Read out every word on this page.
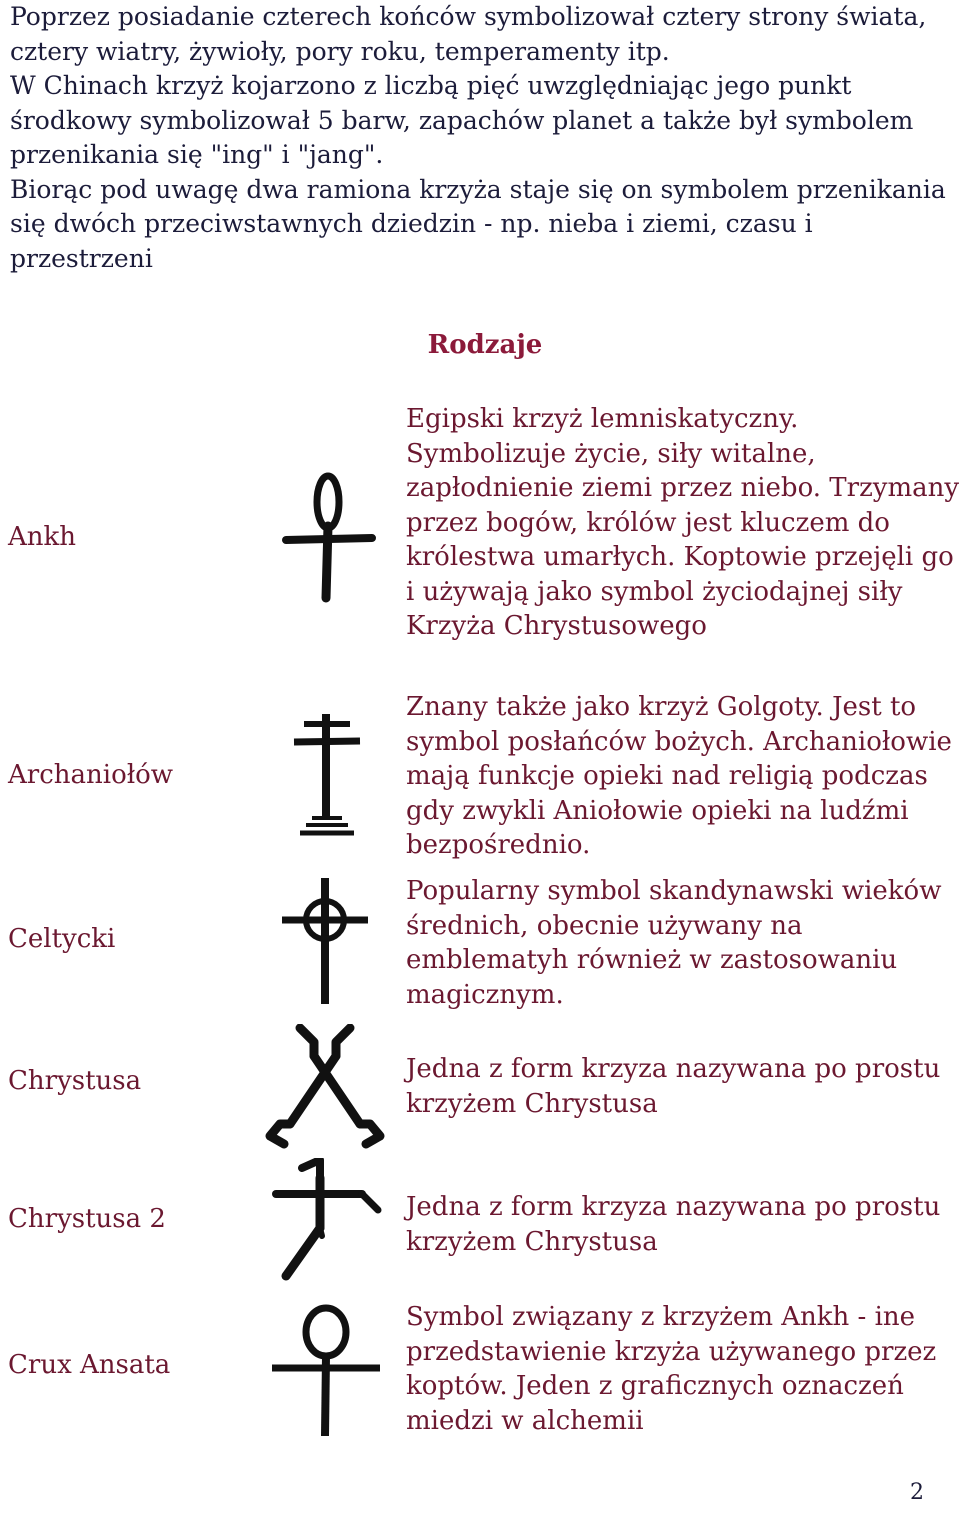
Poprzez posiadanie czterech końców symbolizował cztery strony świata, cztery wiatry, żywioły, pory roku, temperamenty itp.

W Chinach krzyż kojarzono z liczbą pięć uwzględniając jego punkt środkowy symbolizował 5 barw, zapachów planet a także był symbolem przenikania się "ing" i "jang".

Biorąc pod uwagę dwa ramiona krzyża staje się on symbolem przenikania się dwóch przeciwstawnych dziedzin - np. nieba i ziemi, czasu i przestrzeni

Rodzaje
Ankh
Egipski krzyż lemniskatyczny. Symbolizuje życie, siły witalne, zapłodnienie ziemi przez niebo. Trzymany przez bogów, królów jest kluczem do królestwa umarłych. Koptowie przejęli go i używają jako symbol życiodajnej siły Krzyża Chrystusowego
Archaniołów
Znany także jako krzyż Golgoty. Jest to symbol posłańców bożych. Archaniołowie mają funkcje opieki nad religią podczas gdy zwykli Aniołowie opieki na ludźmi bezpośrednio.
Celtycki
Popularny symbol skandynawski wieków średnich, obecnie używany na emblematyh również w zastosowaniu magicznym.
Chrystusa	Jedna z form krzyza nazywana po prostu krzyżem Chrystusa
Chrystusa 2	Jedna z form krzyza nazywana po prostu krzyżem Chrystusa
Crux Ansata
Symbol związany z krzyżem Ankh - ine przedstawienie krzyża używanego przez koptów. Jeden z graficznych oznaczeń miedzi w alchemii
2
